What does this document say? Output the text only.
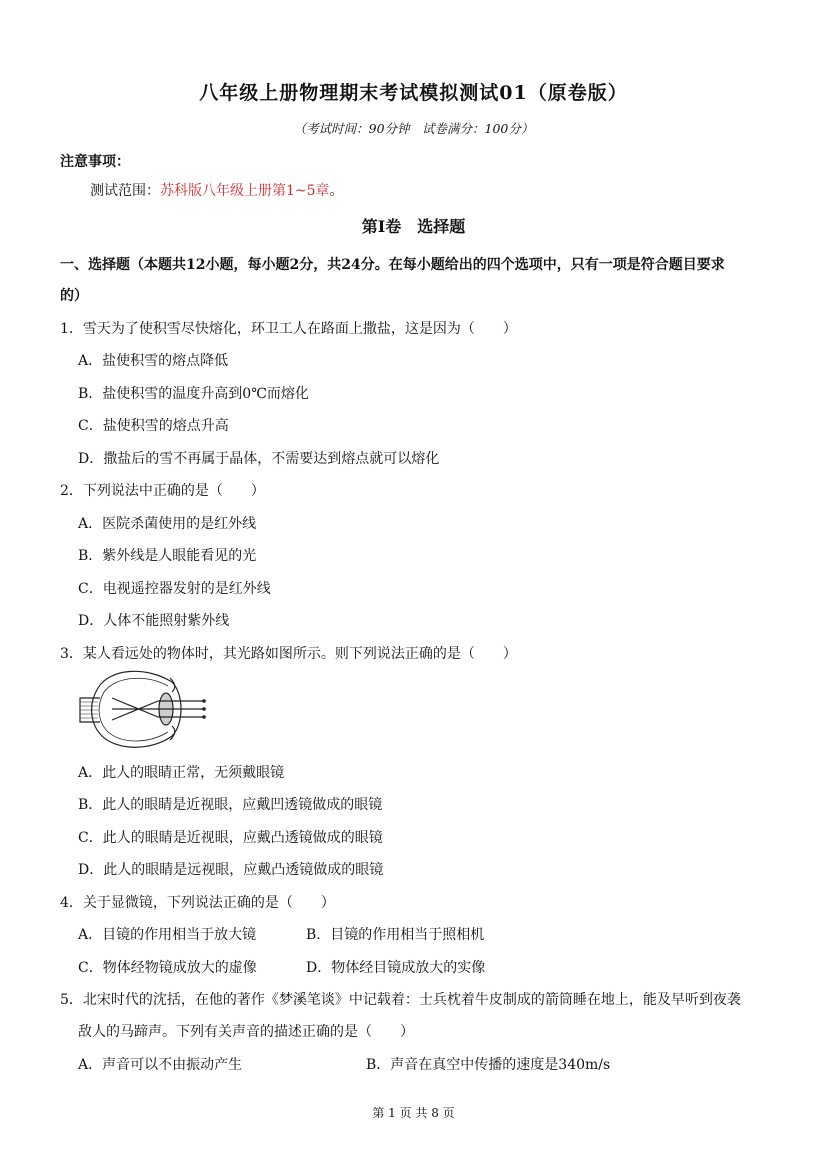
八年级上册物理期末考试模拟测试01（原卷版）
（考试时间：90分钟　试卷满分：100分）
注意事项：
测试范围：苏科版八年级上册第1~5章。
第Ⅰ卷　选择题
一、选择题（本题共12小题，每小题2分，共24分。在每小题给出的四个选项中，只有一项是符合题目要求
的）
1．雪天为了使积雪尽快熔化，环卫工人在路面上撒盐，这是因为（　　）
A．盐使积雪的熔点降低
B．盐使积雪的温度升高到0℃而熔化
C．盐使积雪的熔点升高
D．撒盐后的雪不再属于晶体，不需要达到熔点就可以熔化
2．下列说法中正确的是（　　）
A．医院杀菌使用的是红外线
B．紫外线是人眼能看见的光
C．电视遥控器发射的是红外线
D．人体不能照射紫外线
3．某人看远处的物体时，其光路如图所示。则下列说法正确的是（　　）
A．此人的眼睛正常，无须戴眼镜
B．此人的眼睛是近视眼，应戴凹透镜做成的眼镜
C．此人的眼睛是近视眼，应戴凸透镜做成的眼镜
D．此人的眼睛是远视眼，应戴凸透镜做成的眼镜
4．关于显微镜，下列说法正确的是（　　）
A．目镜的作用相当于放大镜	B．目镜的作用相当于照相机
C．物体经物镜成放大的虚像	D．物体经目镜成放大的实像
5．北宋时代的沈括，在他的著作《梦溪笔谈》中记载着：士兵枕着牛皮制成的箭筒睡在地上，能及早听到夜袭
敌人的马蹄声。下列有关声音的描述正确的是（　　）
A．声音可以不由振动产生	B．声音在真空中传播的速度是340m/s
第 1 页 共 8 页
